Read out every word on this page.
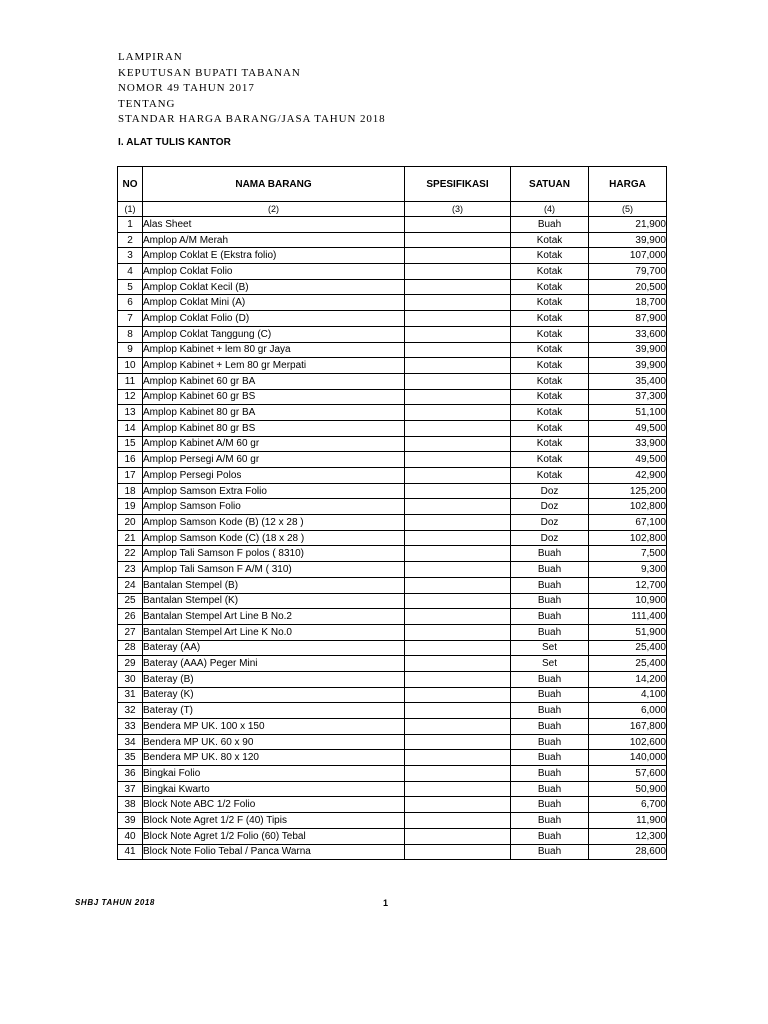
LAMPIRAN
KEPUTUSAN BUPATI TABANAN
NOMOR 49 TAHUN 2017
TENTANG
STANDAR HARGA BARANG/JASA TAHUN 2018
I. ALAT TULIS KANTOR
NO	NAMA BARANG	SPESIFIKASI	SATUAN	HARGA
(1)	(2)	(3)	(4)	(5)
1	Alas Sheet		Buah	21,900
2	Amplop A/M Merah		Kotak	39,900
3	Amplop Coklat E (Ekstra folio)		Kotak	107,000
4	Amplop Coklat Folio		Kotak	79,700
5	Amplop Coklat Kecil (B)		Kotak	20,500
6	Amplop Coklat Mini (A)		Kotak	18,700
7	Amplop Coklat Folio (D)		Kotak	87,900
8	Amplop Coklat Tanggung (C)		Kotak	33,600
9	Amplop Kabinet + lem 80 gr Jaya		Kotak	39,900
10	Amplop Kabinet + Lem 80 gr Merpati		Kotak	39,900
11	Amplop Kabinet 60 gr BA		Kotak	35,400
12	Amplop Kabinet 60 gr BS		Kotak	37,300
13	Amplop Kabinet 80 gr BA		Kotak	51,100
14	Amplop Kabinet 80 gr BS		Kotak	49,500
15	Amplop Kabinet A/M 60 gr		Kotak	33,900
16	Amplop Persegi A/M 60 gr		Kotak	49,500
17	Amplop Persegi Polos		Kotak	42,900
18	Amplop Samson Extra Folio		Doz	125,200
19	Amplop Samson Folio		Doz	102,800
20	Amplop Samson Kode (B) (12 x 28 )		Doz	67,100
21	Amplop Samson Kode (C) (18 x 28 )		Doz	102,800
22	Amplop Tali Samson F polos ( 8310)		Buah	7,500
23	Amplop Tali Samson F A/M ( 310)		Buah	9,300
24	Bantalan Stempel (B)		Buah	12,700
25	Bantalan Stempel (K)		Buah	10,900
26	Bantalan Stempel Art Line B No.2		Buah	111,400
27	Bantalan Stempel Art Line K No.0		Buah	51,900
28	Bateray (AA)		Set	25,400
29	Bateray (AAA) Peger Mini		Set	25,400
30	Bateray (B)		Buah	14,200
31	Bateray (K)		Buah	4,100
32	Bateray (T)		Buah	6,000
33	Bendera MP UK. 100 x 150		Buah	167,800
34	Bendera MP UK. 60 x 90		Buah	102,600
35	Bendera MP UK. 80 x 120		Buah	140,000
36	Bingkai Folio		Buah	57,600
37	Bingkai Kwarto		Buah	50,900
38	Block Note ABC 1/2 Folio		Buah	6,700
39	Block Note Agret 1/2 F (40) Tipis		Buah	11,900
40	Block Note Agret 1/2 Folio (60) Tebal		Buah	12,300
41	Block Note Folio Tebal / Panca Warna		Buah	28,600
SHBJ TAHUN 2018	1
